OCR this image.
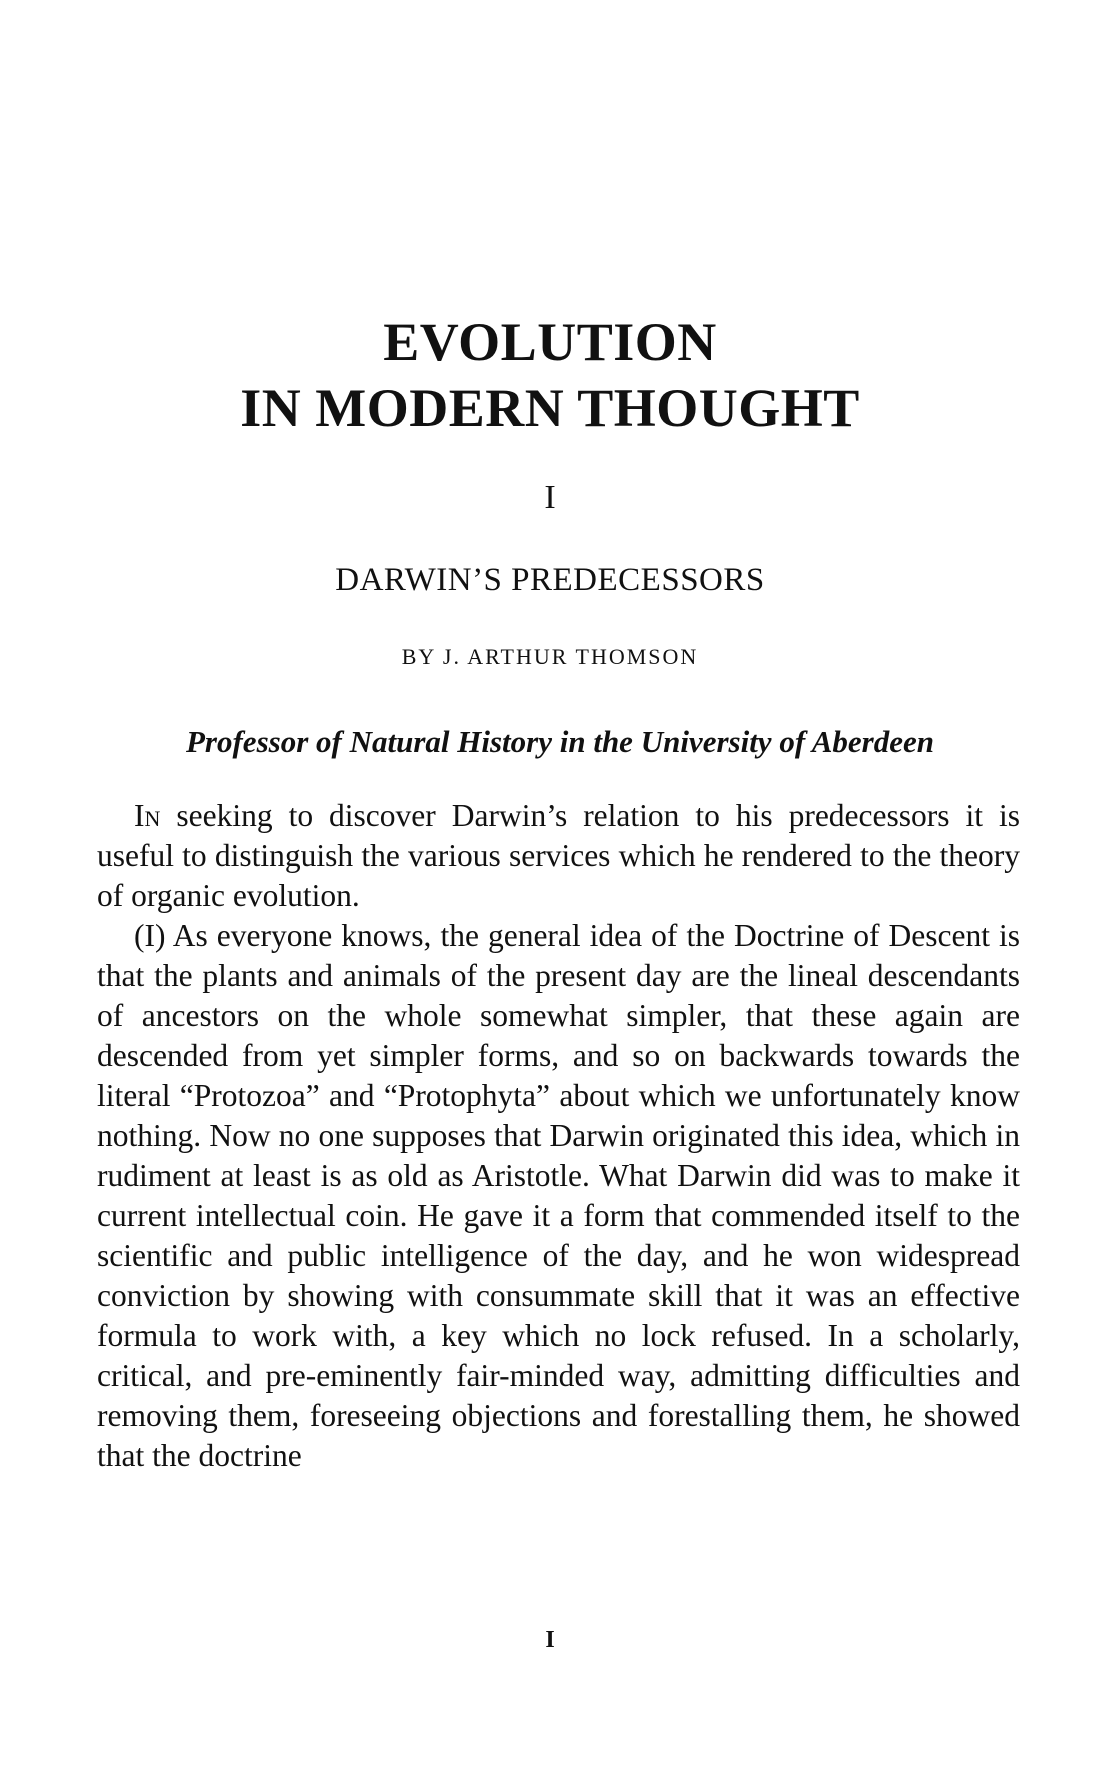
EVOLUTION
IN MODERN THOUGHT
I
DARWIN’S PREDECESSORS
BY J. ARTHUR THOMSON
Professor of Natural History in the University of Aberdeen

In seeking to discover Darwin’s relation to his predecessors it is useful to distinguish the various services which he rendered to the theory of organic evolution.

(I) As everyone knows, the general idea of the Doctrine of Descent is that the plants and animals of the present day are the lineal descendants of ancestors on the whole somewhat simpler, that these again are descended from yet simpler forms, and so on backwards towards the literal “Protozoa” and “Protophyta” about which we unfortunately know nothing. Now no one supposes that Darwin originated this idea, which in rudiment at least is as old as Aristotle. What Darwin did was to make it current intellectual coin. He gave it a form that commended itself to the scientific and public intelligence of the day, and he won widespread conviction by showing with consummate skill that it was an effective formula to work with, a key which no lock refused. In a scholarly, critical, and pre-eminently fair-minded way, admitting difficulties and removing them, foreseeing objections and forestalling them, he showed that the doctrine

I
